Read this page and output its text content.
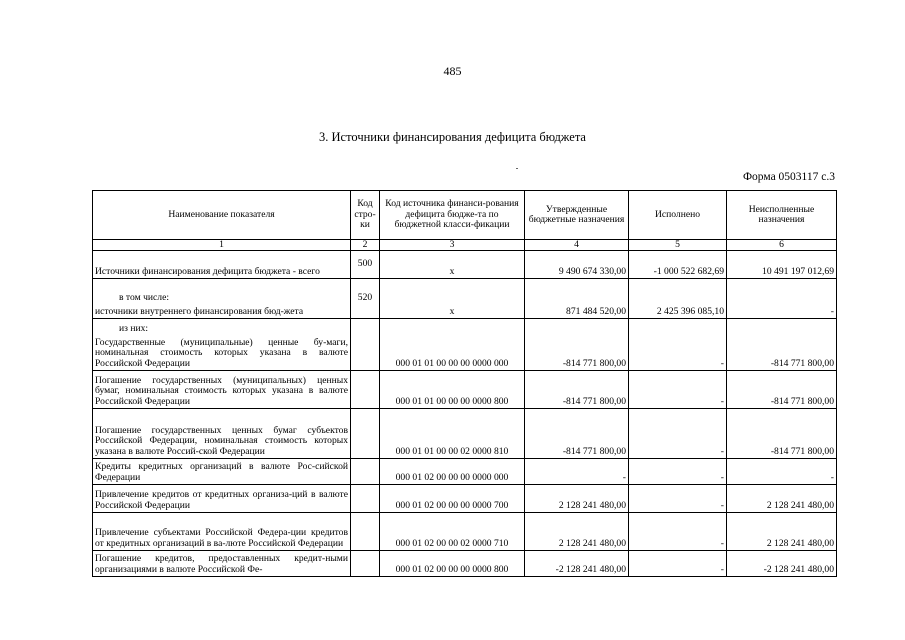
485
3. Источники финансирования дефицита бюджета
Форма 0503117 с.3
Наименование показателя	Код стро-ки	Код источника финанси-рования дефицита бюдже-та по бюджетной класси-фикации	Утвержденные бюджетные назначения	Исполнено	Неисполненные назначения
1	2	3	4	5	6
Источники финансирования дефицита бюджета - всего	500	x	9 490 674 330,00	-1 000 522 682,69	10 491 197 012,69

в том числе:
источники внутреннего финансирования бюд-жета	520	x	871 484 520,00	2 425 396 085,10	-

из них:
Государственные (муниципальные) ценные бу-маги, номинальная стоимость которых указана в валюте Российской Федерации		000 01 01 00 00 00 0000 000	-814 771 800,00	-	-814 771 800,00
Погашение государственных (муниципальных) ценных бумаг, номинальная стоимость которых указана в валюте Российской Федерации		000 01 01 00 00 00 0000 800	-814 771 800,00	-	-814 771 800,00
Погашение государственных ценных бумаг субъектов Российской Федерации, номинальная стоимость которых указана в валюте Россий-ской Федерации		000 01 01 00 00 02 0000 810	-814 771 800,00	-	-814 771 800,00
Кредиты кредитных организаций в валюте Рос-сийской Федерации		000 01 02 00 00 00 0000 000	-	-	-
Привлечение кредитов от кредитных организа-ций в валюте Российской Федерации		000 01 02 00 00 00 0000 700	2 128 241 480,00	-	2 128 241 480,00
Привлечение субъектами Российской Федера-ции кредитов от кредитных организаций в ва-люте Российской Федерации		000 01 02 00 00 02 0000 710	2 128 241 480,00	-	2 128 241 480,00
Погашение кредитов, предоставленных кредит-ными организациями в валюте Российской Фе-		000 01 02 00 00 00 0000 800	-2 128 241 480,00	-	-2 128 241 480,00
